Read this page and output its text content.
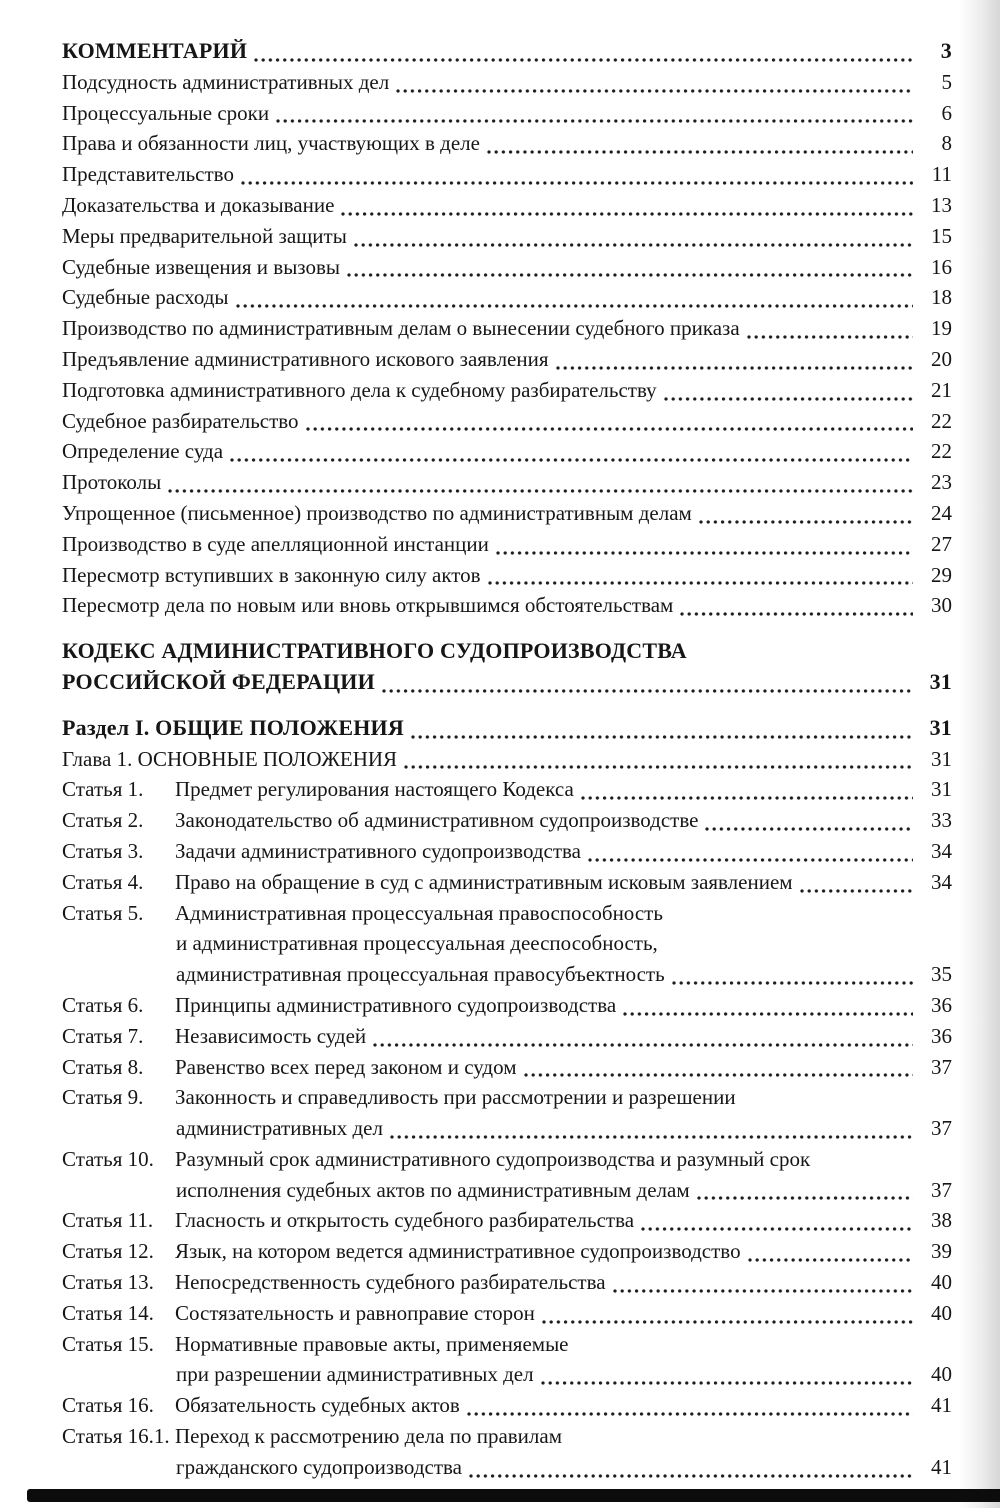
КОММЕНТАРИЙ	3
Подсудность административных дел	5
Процессуальные сроки	6
Права и обязанности лиц, участвующих в деле	8
Представительство	11
Доказательства и доказывание	13
Меры предварительной защиты	15
Судебные извещения и вызовы	16
Судебные расходы	18
Производство по административным делам о вынесении судебного приказа	19
Предъявление административного искового заявления	20
Подготовка административного дела к судебному разбирательству	21
Судебное разбирательство	22
Определение суда	22
Протоколы	23
Упрощенное (письменное) производство по административным делам	24
Производство в суде апелляционной инстанции	27
Пересмотр вступивших в законную силу актов	29
Пересмотр дела по новым или вновь открывшимся обстоятельствам	30
КОДЕКС АДМИНИСТРАТИВНОГО СУДОПРОИЗВОДСТВА
РОССИЙСКОЙ ФЕДЕРАЦИИ	31
Раздел I. ОБЩИЕ ПОЛОЖЕНИЯ	31
Глава 1. ОСНОВНЫЕ ПОЛОЖЕНИЯ	31
Статья 1.	Предмет регулирования настоящего Кодекса	31
Статья 2.	Законодательство об административном судопроизводстве	33
Статья 3.	Задачи административного судопроизводства	34
Статья 4.	Право на обращение в суд с административным исковым заявлением	34
Статья 5.	Административная процессуальная правоспособность
и административная процессуальная дееспособность,
административная процессуальная правосубъектность	35
Статья 6.	Принципы административного судопроизводства	36
Статья 7.	Независимость судей	36
Статья 8.	Равенство всех перед законом и судом	37
Статья 9.	Законность и справедливость при рассмотрении и разрешении
административных дел	37
Статья 10.	Разумный срок административного судопроизводства и разумный срок
исполнения судебных актов по административным делам	37
Статья 11.	Гласность и открытость судебного разбирательства	38
Статья 12.	Язык, на котором ведется административное судопроизводство	39
Статья 13.	Непосредственность судебного разбирательства	40
Статья 14.	Состязательность и равноправие сторон	40
Статья 15.	Нормативные правовые акты, применяемые
при разрешении административных дел	40
Статья 16.	Обязательность судебных актов	41
Статья 16.1. Переход к рассмотрению дела по правилам
гражданского судопроизводства	41
